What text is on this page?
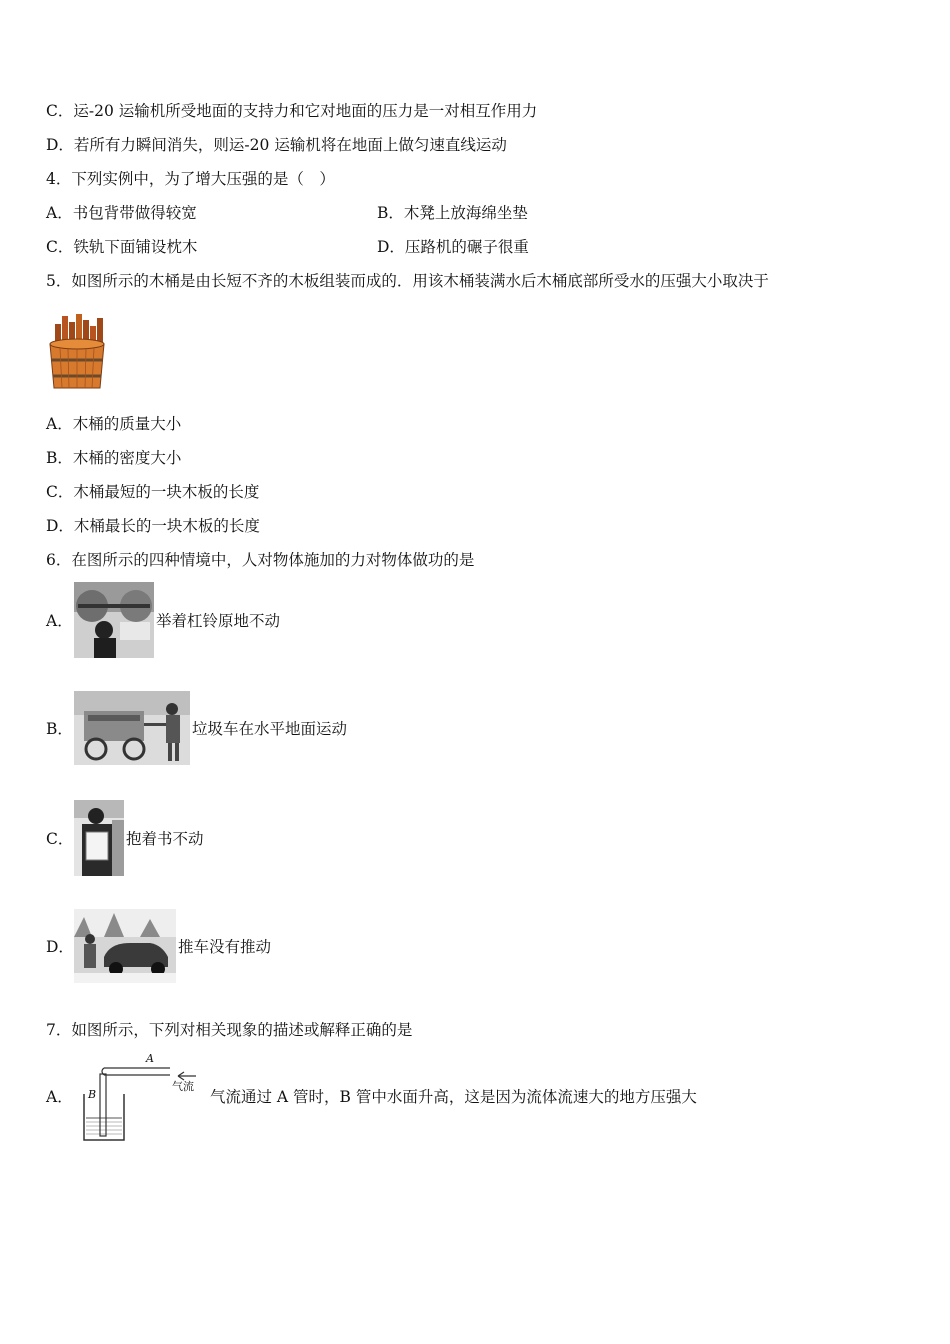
C．运-20 运输机所受地面的支持力和它对地面的压力是一对相互作用力
D．若所有力瞬间消失，则运-20 运输机将在地面上做匀速直线运动
4．下列实例中，为了增大压强的是（　）
A．书包背带做得较宽	B．木凳上放海绵坐垫
C．铁轨下面铺设枕木	D．压路机的碾子很重
5．如图所示的木桶是由长短不齐的木板组装而成的．用该木桶装满水后木桶底部所受水的压强大小取决于
A．木桶的质量大小
B．木桶的密度大小
C．木桶最短的一块木板的长度
D．木桶最长的一块木板的长度
6．在图所示的四种情境中，人对物体施加的力对物体做功的是
A．	举着杠铃原地不动
B．	垃圾车在水平地面运动
C．	抱着书不动
D．	推车没有推动
7．如图所示，下列对相关现象的描述或解释正确的是
A．
A
B
气流
气流通过 A 管时，B 管中水面升高，这是因为流体流速大的地方压强大
